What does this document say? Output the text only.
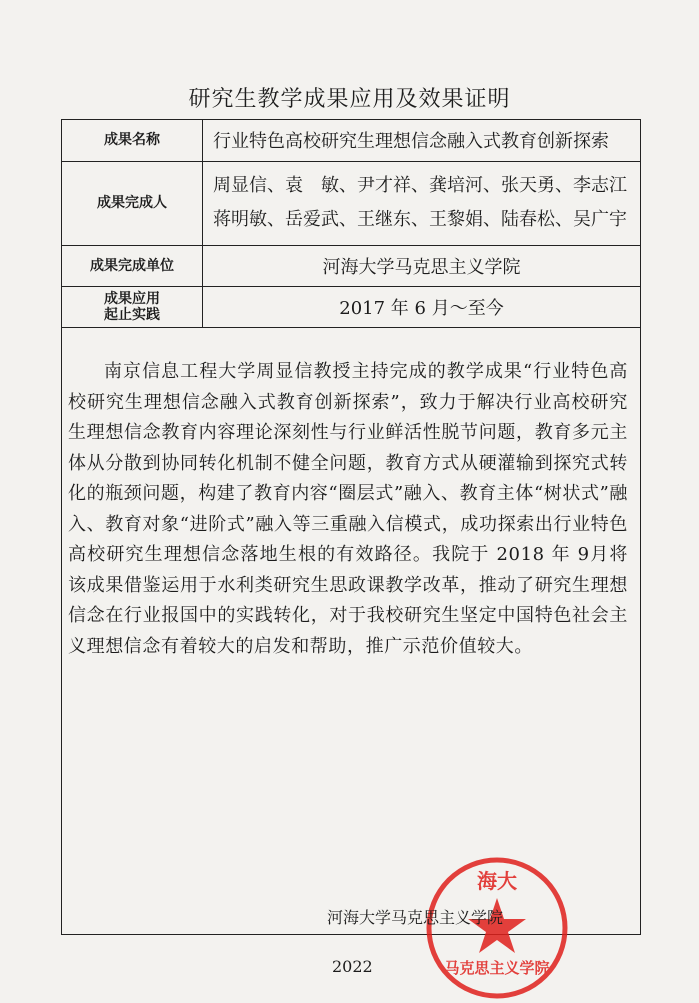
研究生教学成果应用及效果证明
成果名称	行业特色高校研究生理想信念融入式教育创新探索
成果完成人	周显信、袁　敏、尹才祥、龚培河、张天勇、李志江
蒋明敏、岳爱武、王继东、王黎娟、陆春松、吴广宇

成果完成单位	河海大学马克思主义学院

成果应用
起止实践	2017 年 6 月～至今
南京信息工程大学周显信教授主持完成的教学成果“行业特色高校研究生理想信念融入式教育创新探索”，致力于解决行业高校研究生理想信念教育内容理论深刻性与行业鲜活性脱节问题，教育多元主体从分散到协同转化机制不健全问题，教育方式从硬灌输到探究式转化的瓶颈问题，构建了教育内容“圈层式”融入、教育主体“树状式”融入、教育对象“进阶式”融入等三重融入信模式，成功探索出行业特色高校研究生理想信念落地生根的有效路径。我院于 2018 年 9月将该成果借鉴运用于水利类研究生思政课教学改革，推动了研究生理想信念在行业报国中的实践转化，对于我校研究生坚定中国特色社会主义理想信念有着较大的启发和帮助，推广示范价值较大。
海大
马克思主义学院
河海大学马克思主义学院
2022
